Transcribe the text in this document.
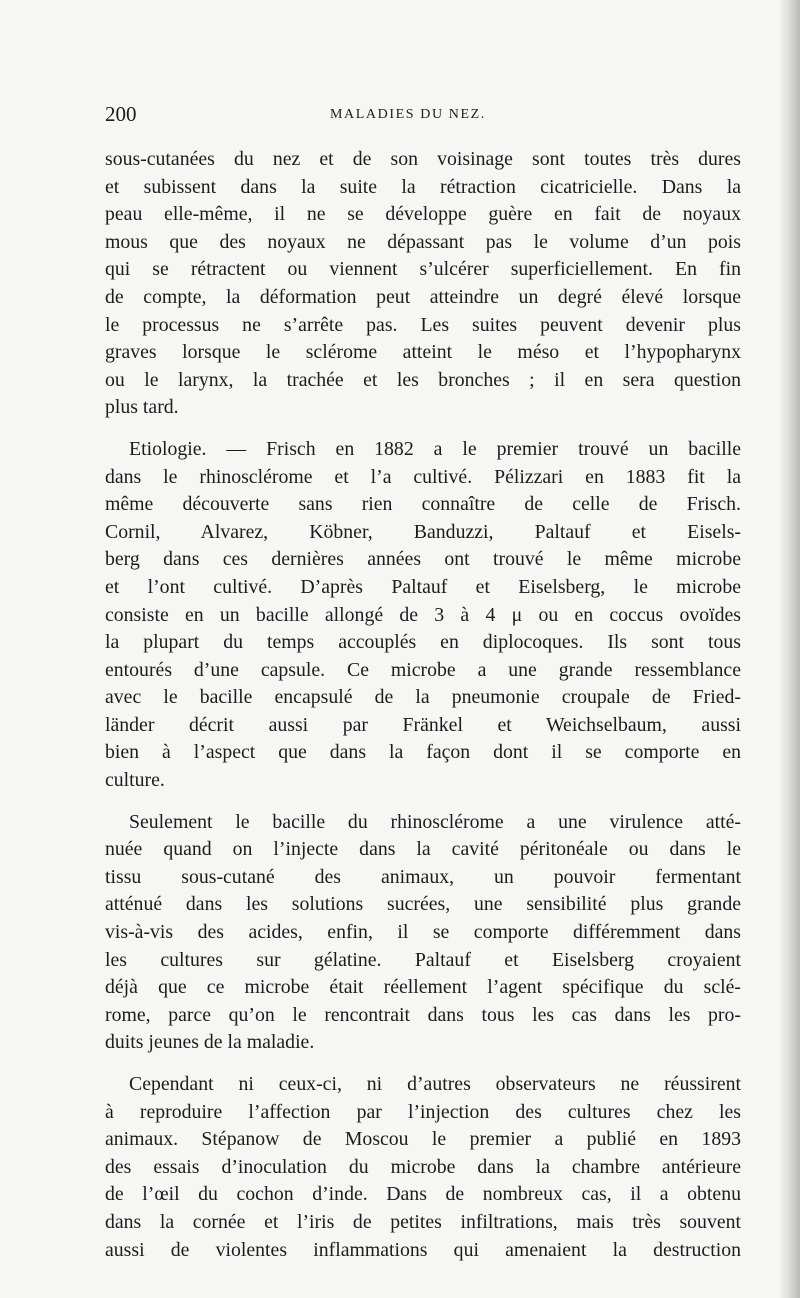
200	MALADIES DU NEZ.
sous-cutanées du nez et de son voisinage sont toutes très dures
et subissent dans la suite la rétraction cicatricielle. Dans la
peau elle-même, il ne se développe guère en fait de noyaux
mous que des noyaux ne dépassant pas le volume d’un pois
qui se rétractent ou viennent s’ulcérer superficiellement. En fin
de compte, la déformation peut atteindre un degré élevé lorsque
le processus ne s’arrête pas. Les suites peuvent devenir plus
graves lorsque le sclérome atteint le méso et l’hypopharynx
ou le larynx, la trachée et les bronches ; il en sera question
plus tard.
Etiologie. — Frisch en 1882 a le premier trouvé un bacille
dans le rhinosclérome et l’a cultivé. Pélizzari en 1883 fit la
même découverte sans rien connaître de celle de Frisch.
Cornil, Alvarez, Köbner, Banduzzi, Paltauf et Eisels-
berg dans ces dernières années ont trouvé le même microbe
et l’ont cultivé. D’après Paltauf et Eiselsberg, le microbe
consiste en un bacille allongé de 3 à 4 μ ou en coccus ovoïdes
la plupart du temps accouplés en diplocoques. Ils sont tous
entourés d’une capsule. Ce microbe a une grande ressemblance
avec le bacille encapsulé de la pneumonie croupale de Fried-
länder décrit aussi par Fränkel et Weichselbaum, aussi
bien à l’aspect que dans la façon dont il se comporte en
culture.
Seulement le bacille du rhinosclérome a une virulence atté-
nuée quand on l’injecte dans la cavité péritonéale ou dans le
tissu sous-cutané des animaux, un pouvoir fermentant
atténué dans les solutions sucrées, une sensibilité plus grande
vis-à-vis des acides, enfin, il se comporte différemment dans
les cultures sur gélatine. Paltauf et Eiselsberg croyaient
déjà que ce microbe était réellement l’agent spécifique du sclé-
rome, parce qu’on le rencontrait dans tous les cas dans les pro-
duits jeunes de la maladie.
Cependant ni ceux-ci, ni d’autres observateurs ne réussirent
à reproduire l’affection par l’injection des cultures chez les
animaux. Stépanow de Moscou le premier a publié en 1893
des essais d’inoculation du microbe dans la chambre antérieure
de l’œil du cochon d’inde. Dans de nombreux cas, il a obtenu
dans la cornée et l’iris de petites infiltrations, mais très souvent
aussi de violentes inflammations qui amenaient la destruction
